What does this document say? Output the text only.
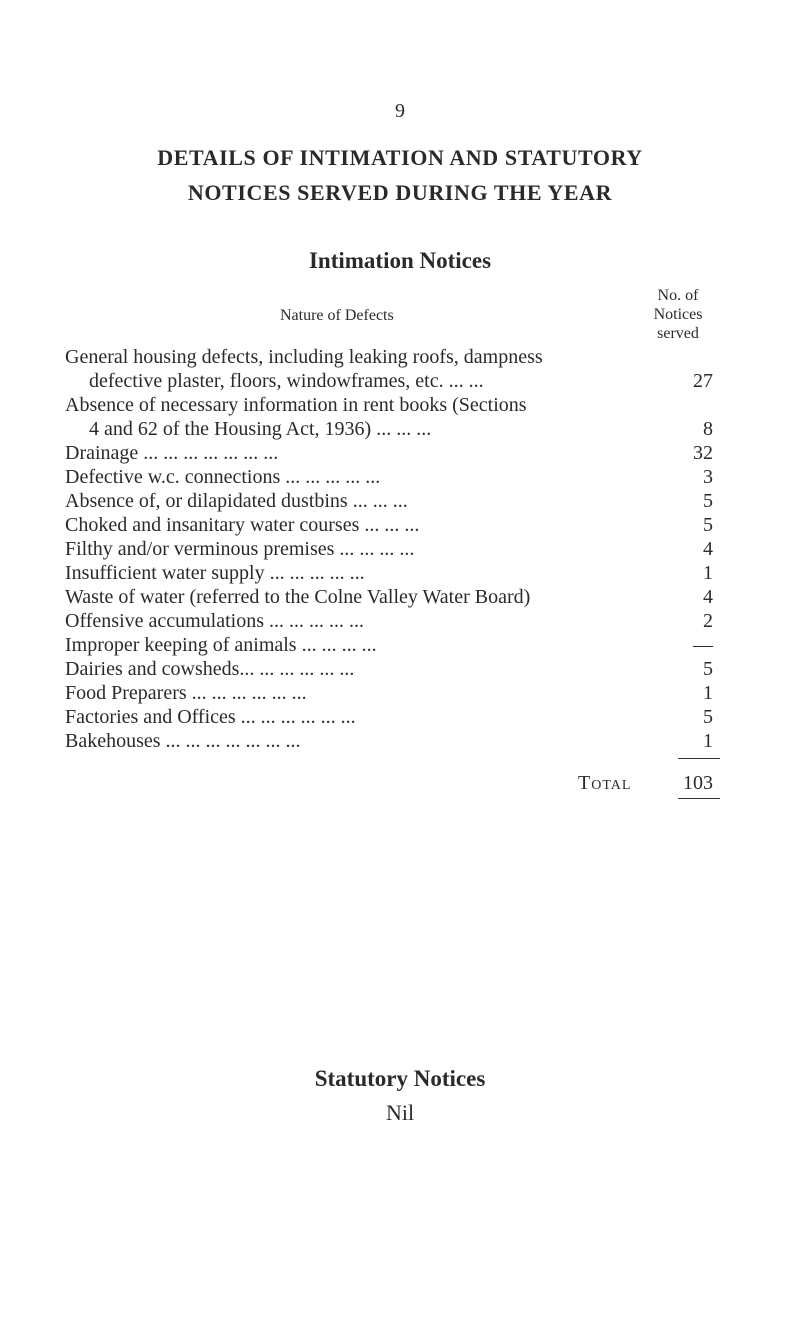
9
DETAILS OF INTIMATION AND STATUTORY
NOTICES SERVED DURING THE YEAR
Intimation Notices
Nature of Defects
No. of
Notices
served
General housing defects, including leaking roofs, dampness
defective plaster, floors, windowframes, etc. ... ...	27
Absence of necessary information in rent books (Sections
4 and 62 of the Housing Act, 1936) ... ... ...	8
Drainage ... ... ... ... ... ... ...	32
Defective w.c. connections ... ... ... ... ...	3
Absence of, or dilapidated dustbins ... ... ...	5
Choked and insanitary water courses ... ... ...	5
Filthy and/or verminous premises ... ... ... ...	4
Insufficient water supply ... ... ... ... ...	1
Waste of water (referred to the Colne Valley Water Board)	4
Offensive accumulations ... ... ... ... ...	2
Improper keeping of animals ... ... ... ...	—
Dairies and cowsheds... ... ... ... ... ...	5
Food Preparers ... ... ... ... ... ...	1
Factories and Offices ... ... ... ... ... ...	5
Bakehouses ... ... ... ... ... ... ...	1
Total	103
Statutory Notices
Nil
